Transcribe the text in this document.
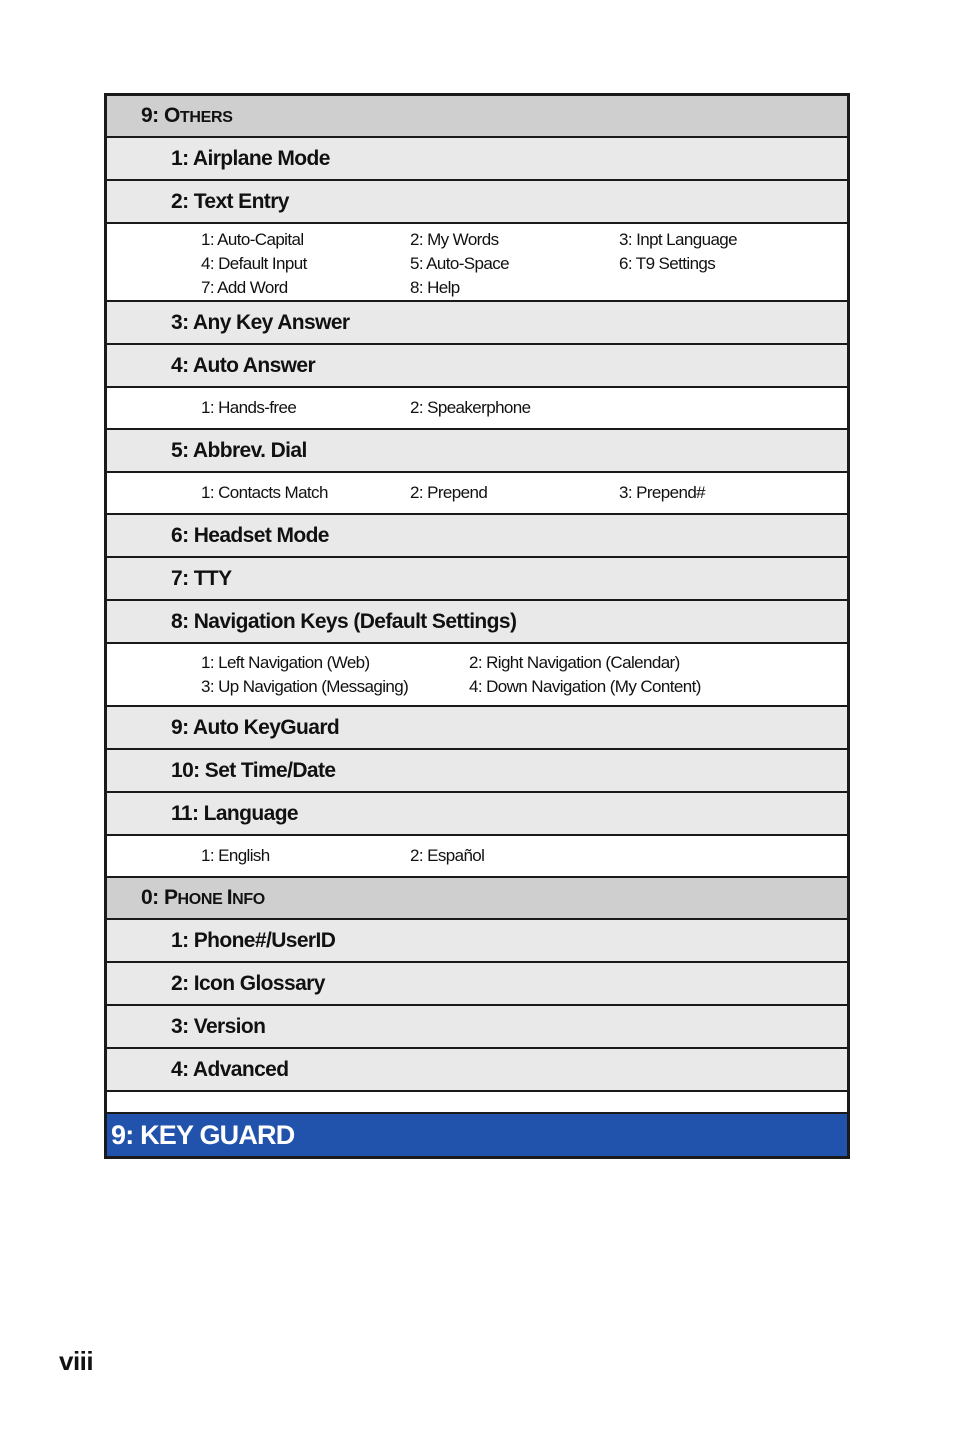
9: OTHERS
1: Airplane Mode
2: Text Entry
1: Auto-Capital	2: My Words	3: Inpt Language
4: Default Input	5: Auto-Space	6: T9 Settings
7: Add Word	8: Help
3: Any Key Answer
4: Auto Answer
1: Hands-free	2: Speakerphone
5: Abbrev. Dial
1: Contacts Match	2: Prepend	3: Prepend#
6: Headset Mode
7: TTY
8: Navigation Keys (Default Settings)
1: Left Navigation (Web)	2: Right Navigation (Calendar)
3: Up Navigation (Messaging)	4: Down Navigation (My Content)
9: Auto KeyGuard
10: Set Time/Date
11: Language
1: English	2: Español
0: PHONE INFO
1: Phone#/UserID
2: Icon Glossary
3: Version
4: Advanced
9: KEY GUARD
viii
